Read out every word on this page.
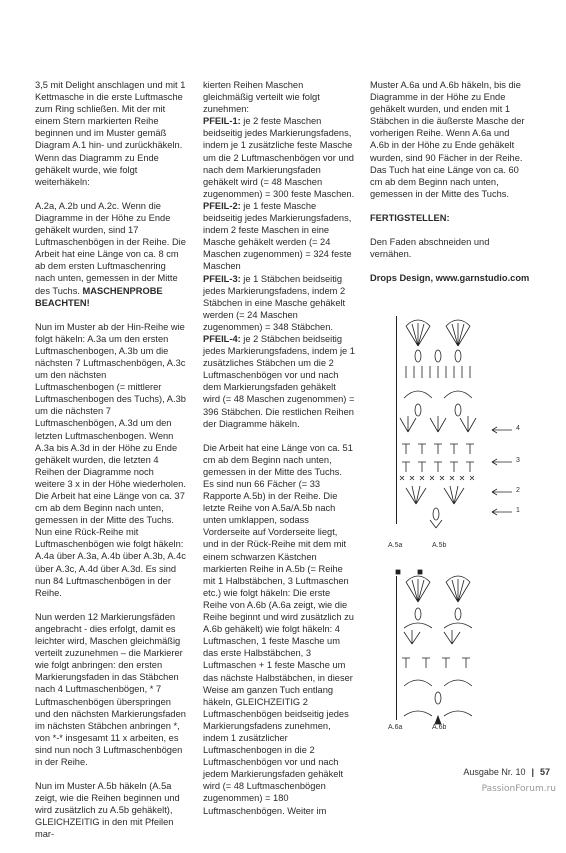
3,5 mit Delight anschlagen und mit 1 Kettmasche in die erste Luftmasche zum Ring schließen. Mit der mit einem Stern markierten Reihe beginnen und im Muster gemäß Diagram A.1 hin- und zurückhäkeln. Wenn das Diagramm zu Ende gehäkelt wurde, wie folgt weiterhäkeln:

A.2a, A.2b und A.2c. Wenn die Diagramme in der Höhe zu Ende gehäkelt wurden, sind 17 Luftmaschenbögen in der Reihe. Die Arbeit hat eine Länge von ca. 8 cm ab dem ersten Luftmaschenring nach unten, gemessen in der Mitte des Tuchs. MASCHENPROBE BEACHTEN!

Nun im Muster ab der Hin-Reihe wie folgt häkeln: A.3a um den ersten Luftmaschenbogen, A.3b um die nächsten 7 Luftmaschenbögen, A.3c um den nächsten Luftmaschenbogen (= mittlerer Luftmaschenbogen des Tuchs), A.3b um die nächsten 7 Luftmaschenbögen, A.3d um den letzten Luftmaschenbogen. Wenn A.3a bis A.3d in der Höhe zu Ende gehäkelt wurden, die letzten 4 Reihen der Diagramme noch weitere 3 x in der Höhe wiederholen. Die Arbeit hat eine Länge von ca. 37 cm ab dem Beginn nach unten, gemessen in der Mitte des Tuchs. Nun eine Rück-Reihe mit Luftmaschenbögen wie folgt häkeln: A.4a über A.3a, A.4b über A.3b, A.4c über A.3c, A.4d über A.3d. Es sind nun 84 Luftmaschenbögen in der Reihe.

Nun werden 12 Markierungsfäden angebracht - dies erfolgt, damit es leichter wird, Maschen gleichmäßig verteilt zuzunehmen – die Markierer wie folgt anbringen: den ersten Markierungsfaden in das Stäbchen nach 4 Luftmaschenbögen, * 7 Luftmaschenbögen überspringen und den nächsten Markierungsfaden im nächsten Stäbchen anbringen *, von *-* insgesamt 11 x arbeiten, es sind nun noch 3 Luftmaschenbögen in der Reihe.

Nun im Muster A.5b häkeln (A.5a zeigt, wie die Reihen beginnen und wird zusätzlich zu A.5b gehäkelt), GLEICHZEITIG in den mit Pfeilen mar-

kierten Reihen Maschen gleichmäßig verteilt wie folgt zunehmen:

PFEIL-1: je 2 feste Maschen beidseitig jedes Markierungsfadens, indem je 1 zusätzliche feste Masche um die 2 Luftmaschenbögen vor und nach dem Markierungsfaden gehäkelt wird (= 48 Maschen zugenommen) = 300 feste Maschen.

PFEIL-2: je 1 feste Masche beidseitig jedes Markierungsfadens, indem 2 feste Maschen in eine Masche gehäkelt werden (= 24 Maschen zugenommen) = 324 feste Maschen

PFEIL-3: je 1 Stäbchen beidseitig jedes Markierungsfadens, indem 2 Stäbchen in eine Masche gehäkelt werden (= 24 Maschen zugenommen) = 348 Stäbchen.

PFEIL-4: je 2 Stäbchen beidseitig jedes Markierungsfadens, indem je 1 zusätzliches Stäbchen um die 2 Luftmaschenbögen vor und nach dem Markierungsfaden gehäkelt wird (= 48 Maschen zugenommen) = 396 Stäbchen. Die restlichen Reihen der Diagramme häkeln.

Die Arbeit hat eine Länge von ca. 51 cm ab dem Beginn nach unten, gemessen in der Mitte des Tuchs. Es sind nun 66 Fächer (= 33 Rapporte A.5b) in der Reihe. Die letzte Reihe von A.5a/A.5b nach unten umklappen, sodass Vorderseite auf Vorderseite liegt, und in der Rück-Reihe mit dem mit einem schwarzen Kästchen markierten Reihe in A.5b (= Reihe mit 1 Halbstäbchen, 3 Luftmaschen etc.) wie folgt häkeln: Die erste Reihe von A.6b (A.6a zeigt, wie die Reihe beginnt und wird zusätzlich zu A.6b gehäkelt) wie folgt häkeln: 4 Luftmaschen, 1 feste Masche um das erste Halbstäbchen, 3 Luftmaschen + 1 feste Masche um das nächste Halbstäbchen, in dieser Weise am ganzen Tuch entlang häkeln, GLEICHZEITIG 2 Luftmaschenbögen beidseitig jedes Markierungsfadens zunehmen, indem 1 zusätzlicher Luftmaschenbogen in die 2 Luftmaschenbögen vor und nach jedem Markierungsfaden gehäkelt wird (= 48 Luftmaschenbögen zugenommen) = 180 Luftmaschenbögen. Weiter im

Muster A.6a und A.6b häkeln, bis die Diagramme in der Höhe zu Ende gehäkelt wurden, und enden mit 1 Stäbchen in die äußerste Masche der vorherigen Reihe. Wenn A.6a und A.6b in der Höhe zu Ende gehäkelt wurden, sind 90 Fächer in der Reihe. Das Tuch hat eine Länge von ca. 60 cm ab dem Beginn nach unten, gemessen in der Mitte des Tuchs.

FERTIGSTELLEN:

Den Faden abschneiden und vernähen.

Drops Design, www.garnstudio.com

4
3
2
1
A.5a	A.5b
A.6a	A.6b
Ausgabe Nr. 10 | 57
PassionForum.ru
